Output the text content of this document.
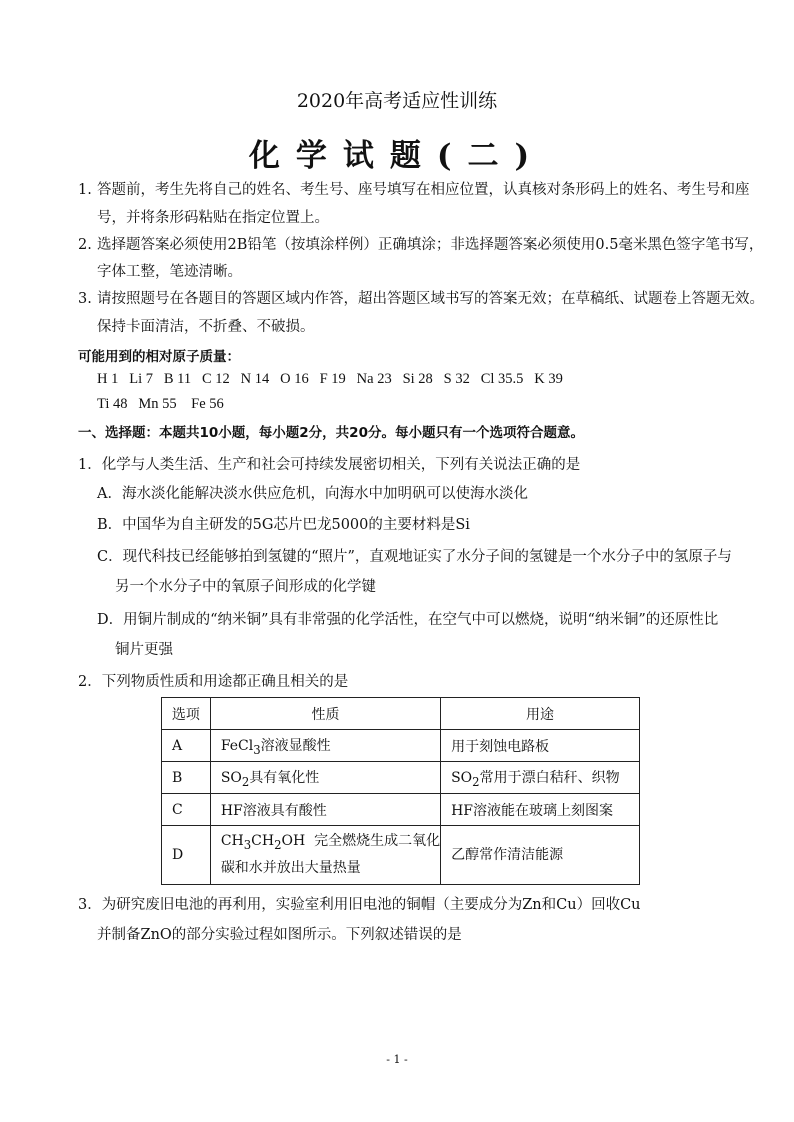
2020年高考适应性训练
化学试题(二)
1. 答题前，考生先将自己的姓名、考生号、座号填写在相应位置，认真核对条形码上的姓名、考生号和座
号，并将条形码粘贴在指定位置上。
2. 选择题答案必须使用2B铅笔（按填涂样例）正确填涂；非选择题答案必须使用0.5毫米黑色签字笔书写，
字体工整，笔迹清晰。
3. 请按照题号在各题目的答题区域内作答，超出答题区域书写的答案无效；在草稿纸、试题卷上答题无效。
保持卡面清洁，不折叠、不破损。
可能用到的相对原子质量：
H 1   Li 7   B 11   C 12   N 14   O 16   F 19   Na 23   Si 28   S 32   Cl 35.5   K 39
Ti 48   Mn 55    Fe 56
一、选择题：本题共10小题，每小题2分，共20分。每小题只有一个选项符合题意。
1．化学与人类生活、生产和社会可持续发展密切相关，下列有关说法正确的是
A．海水淡化能解决淡水供应危机，向海水中加明矾可以使海水淡化
B．中国华为自主研发的5G芯片巴龙5000的主要材料是Si
C．现代科技已经能够拍到氢键的“照片”，直观地证实了水分子间的氢键是一个水分子中的氢原子与
另一个水分子中的氧原子间形成的化学键
D．用铜片制成的“纳米铜”具有非常强的化学活性，在空气中可以燃烧，说明“纳米铜”的还原性比
铜片更强
2．下列物质性质和用途都正确且相关的是
选项	性质	用途
A	FeCl$_3$溶液显酸性	用于刻蚀电路板
B	$SO_2$具有氧化性	$SO_2$常用于漂白秸秆、织物
C	HF溶液具有酸性	HF溶液能在玻璃上刻图案
D	$CH_3CH_2OH$  完全燃烧生成二氧化
碳和水并放出大量热量	乙醇常作清洁能源
3．为研究废旧电池的再利用，实验室利用旧电池的铜帽（主要成分为Zn和Cu）回收Cu
并制备ZnO的部分实验过程如图所示。下列叙述错误的是
- 1 -
